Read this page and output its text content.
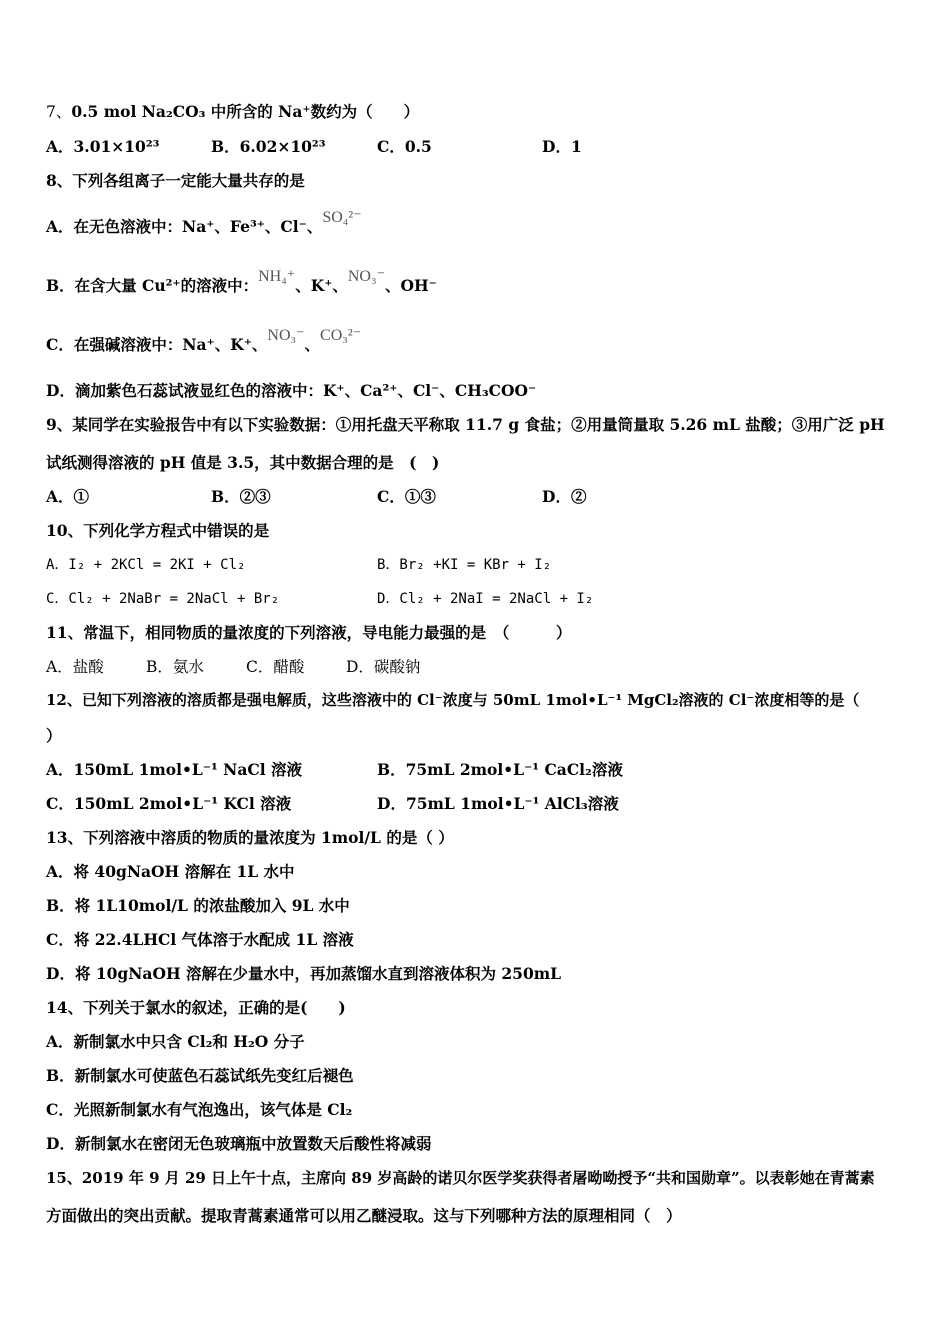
7、0.5 mol Na₂CO₃ 中所含的 Na⁺数约为（　　）
A．3.01×10²³	B．6.02×10²³	C．0.5	D．1
8、下列各组离子一定能大量共存的是
A．在无色溶液中：Na⁺、Fe³⁺、Cl⁻、SO₄²⁻
B．在含大量 Cu²⁺的溶液中：NH₄⁺、K⁺、NO₃⁻、OH⁻
C．在强碱溶液中：Na⁺、K⁺、NO₃⁻、CO₃²⁻
D．滴加紫色石蕊试液显红色的溶液中：K⁺、Ca²⁺、Cl⁻、CH₃COO⁻
9、某同学在实验报告中有以下实验数据：①用托盘天平称取 11.7 g 食盐；②用量筒量取 5.26 mL 盐酸；③用广泛 pH
试纸测得溶液的 pH 值是 3.5，其中数据合理的是　(　)
A．①	B．②③	C．①③	D．②
10、下列化学方程式中错误的是
A．I₂ + 2KCl = 2KI + Cl₂	B．Br₂ +KI = KBr + I₂
C．Cl₂ + 2NaBr = 2NaCl + Br₂	D．Cl₂ + 2NaI = 2NaCl + I₂
11、常温下，相同物质的量浓度的下列溶液，导电能力最强的是　（　　　）
A．盐酸	B．氨水	C．醋酸	D．碳酸钠
12、已知下列溶液的溶质都是强电解质，这些溶液中的 Cl⁻浓度与 50mL 1mol•L⁻¹ MgCl₂溶液的 Cl⁻浓度相等的是（
）
A．150mL 1mol•L⁻¹ NaCl 溶液	B．75mL 2mol•L⁻¹ CaCl₂溶液
C．150mL 2mol•L⁻¹ KCl 溶液	D．75mL 1mol•L⁻¹ AlCl₃溶液
13、下列溶液中溶质的物质的量浓度为 1mol/L 的是（ ）
A．将 40gNaOH 溶解在 1L 水中
B．将 1L10mol/L 的浓盐酸加入 9L 水中
C．将 22.4LHCl 气体溶于水配成 1L 溶液
D．将 10gNaOH 溶解在少量水中，再加蒸馏水直到溶液体积为 250mL
14、下列关于氯水的叙述，正确的是(　　)
A．新制氯水中只含 Cl₂和 H₂O 分子
B．新制氯水可使蓝色石蕊试纸先变红后褪色
C．光照新制氯水有气泡逸出，该气体是 Cl₂
D．新制氯水在密闭无色玻璃瓶中放置数天后酸性将减弱
15、2019 年 9 月 29 日上午十点，主席向 89 岁高龄的诺贝尔医学奖获得者屠呦呦授予“共和国勋章”。以表彰她在青蒿素
方面做出的突出贡献。提取青蒿素通常可以用乙醚浸取。这与下列哪种方法的原理相同（　）
